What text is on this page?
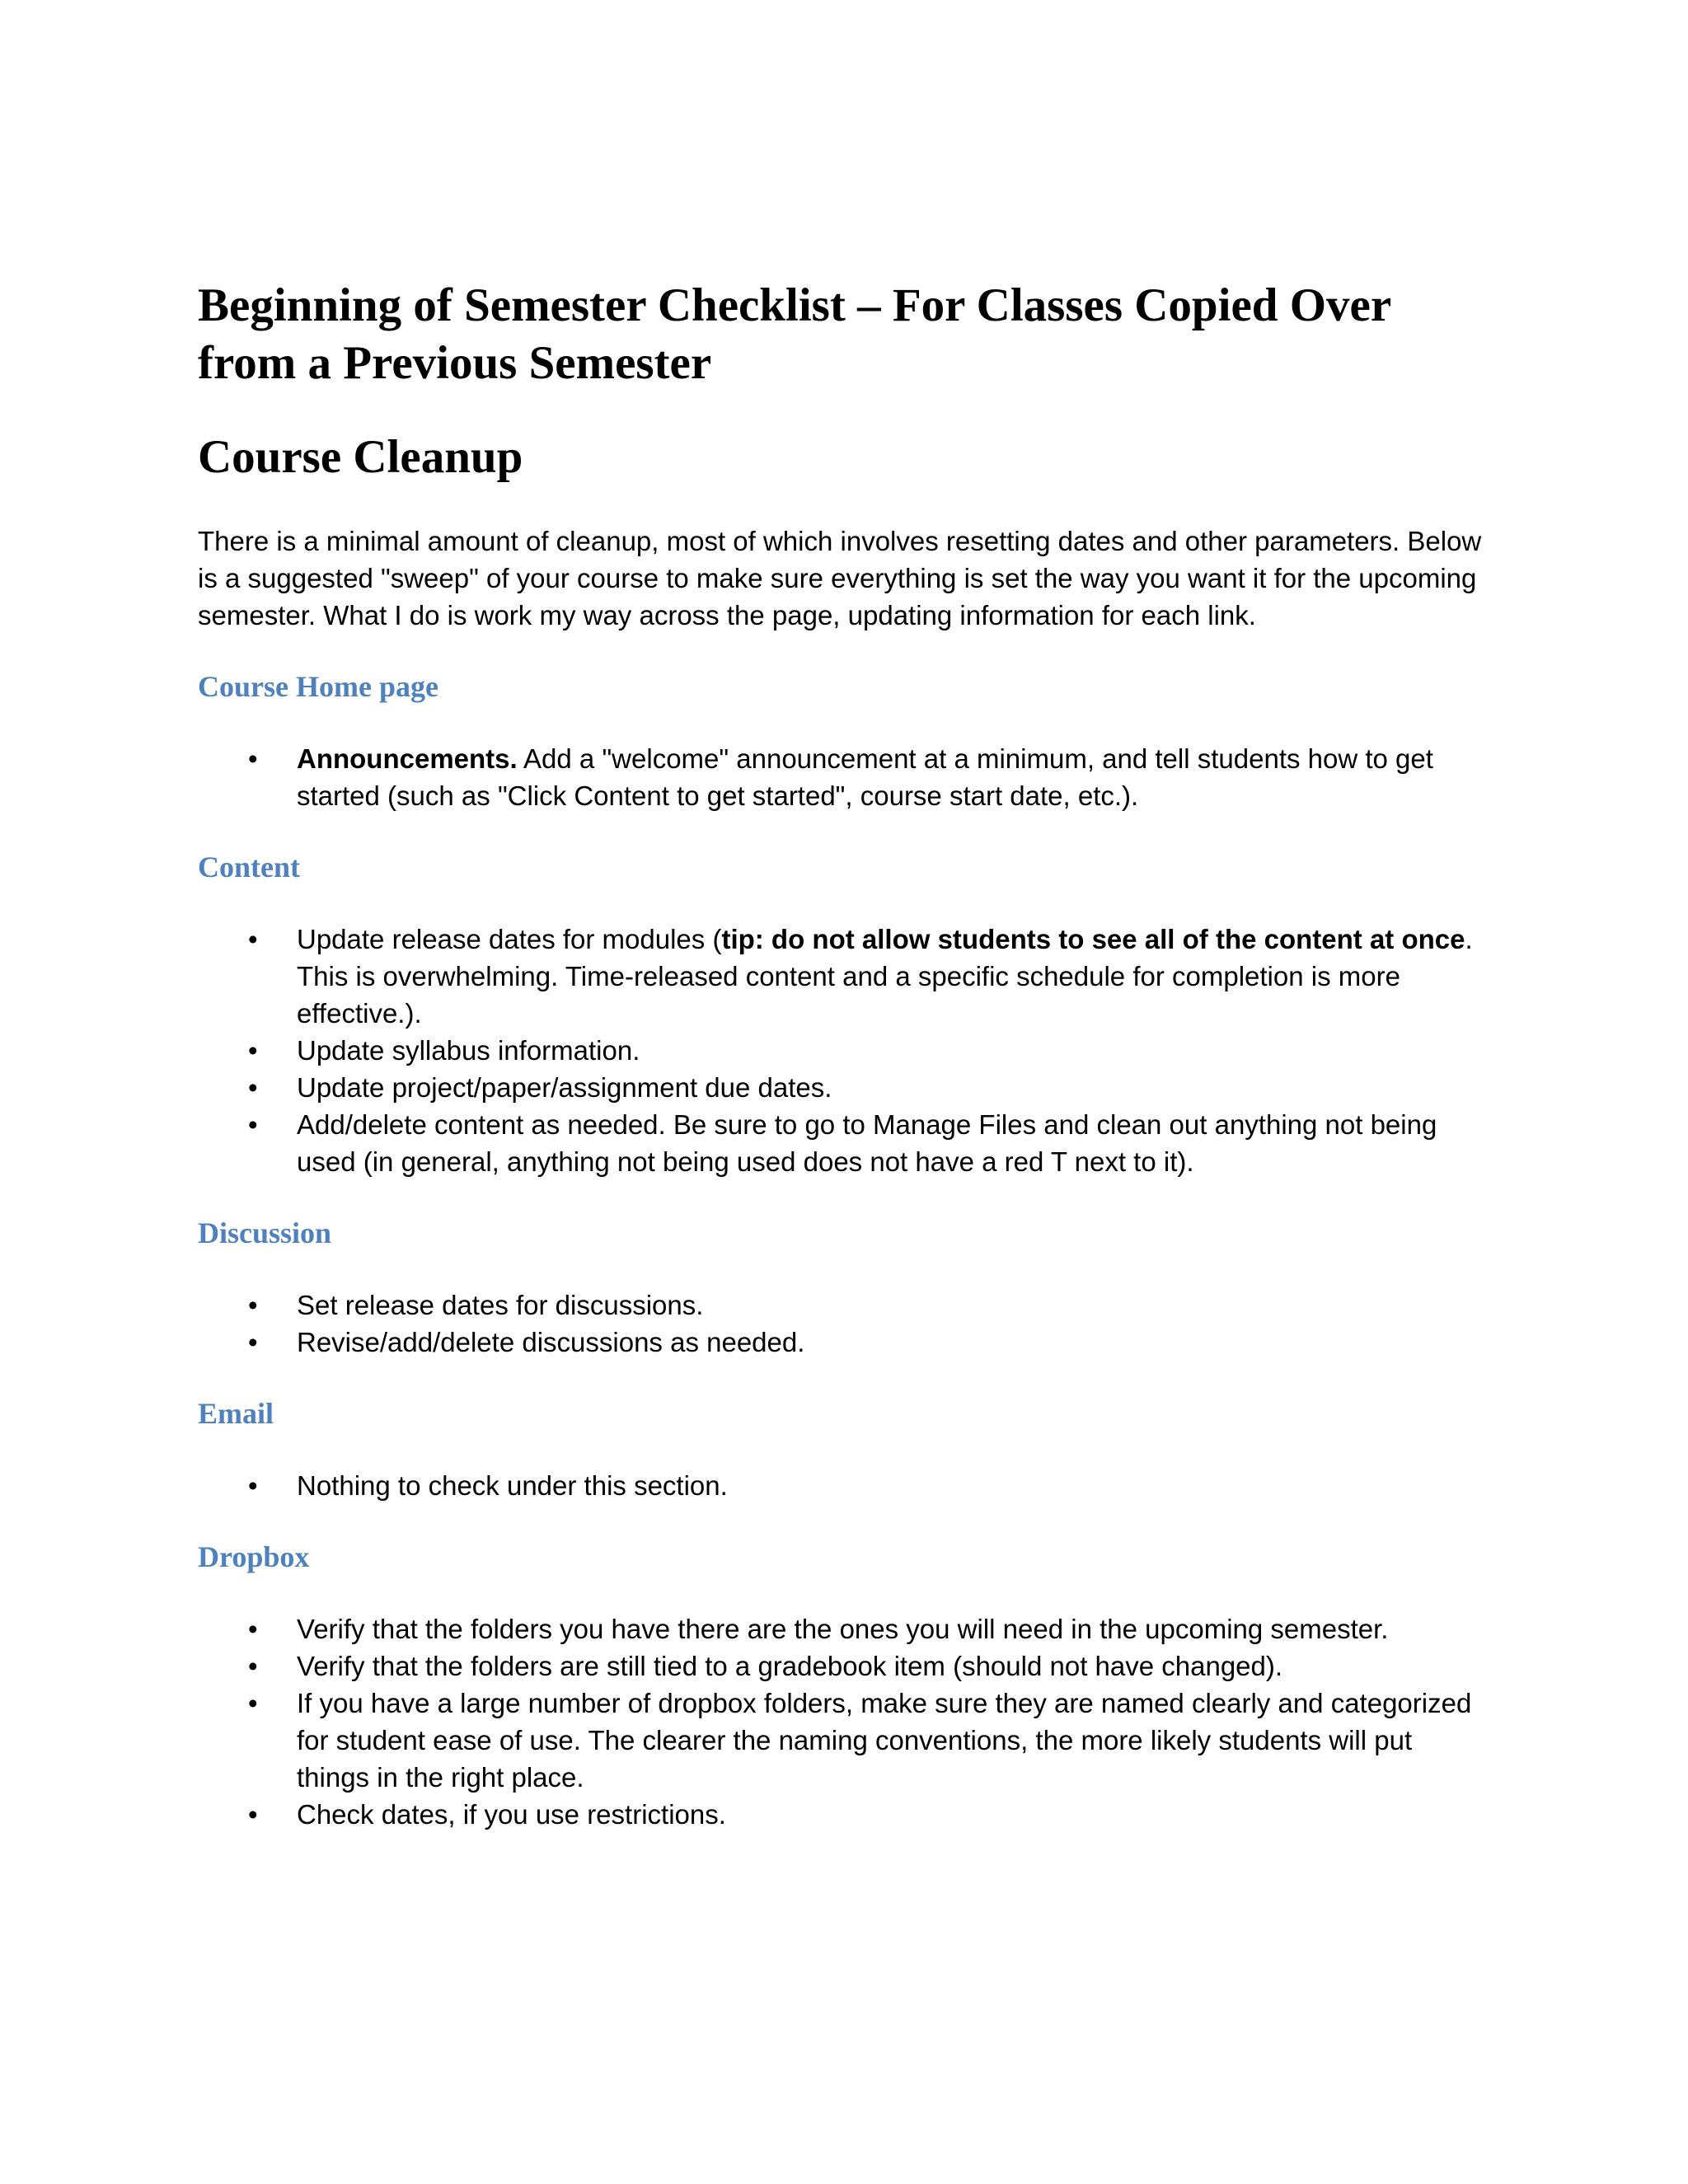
Beginning of Semester Checklist – For Classes Copied Over from a Previous Semester
Course Cleanup

There is a minimal amount of cleanup, most of which involves resetting dates and other parameters. Below is a suggested "sweep" of your course to make sure everything is set the way you want it for the upcoming semester. What I do is work my way across the page, updating information for each link.

Course Home page
• Announcements. Add a "welcome" announcement at a minimum, and tell students how to get started (such as "Click Content to get started", course start date, etc.).
Content
• Update release dates for modules (tip: do not allow students to see all of the content at once. This is overwhelming. Time-released content and a specific schedule for completion is more effective.).
• Update syllabus information.
• Update project/paper/assignment due dates.
• Add/delete content as needed. Be sure to go to Manage Files and clean out anything not being used (in general, anything not being used does not have a red T next to it).
Discussion
• Set release dates for discussions.
• Revise/add/delete discussions as needed.
Email
• Nothing to check under this section.
Dropbox
• Verify that the folders you have there are the ones you will need in the upcoming semester.
• Verify that the folders are still tied to a gradebook item (should not have changed).
• If you have a large number of dropbox folders, make sure they are named clearly and categorized for student ease of use. The clearer the naming conventions, the more likely students will put things in the right place.
• Check dates, if you use restrictions.
